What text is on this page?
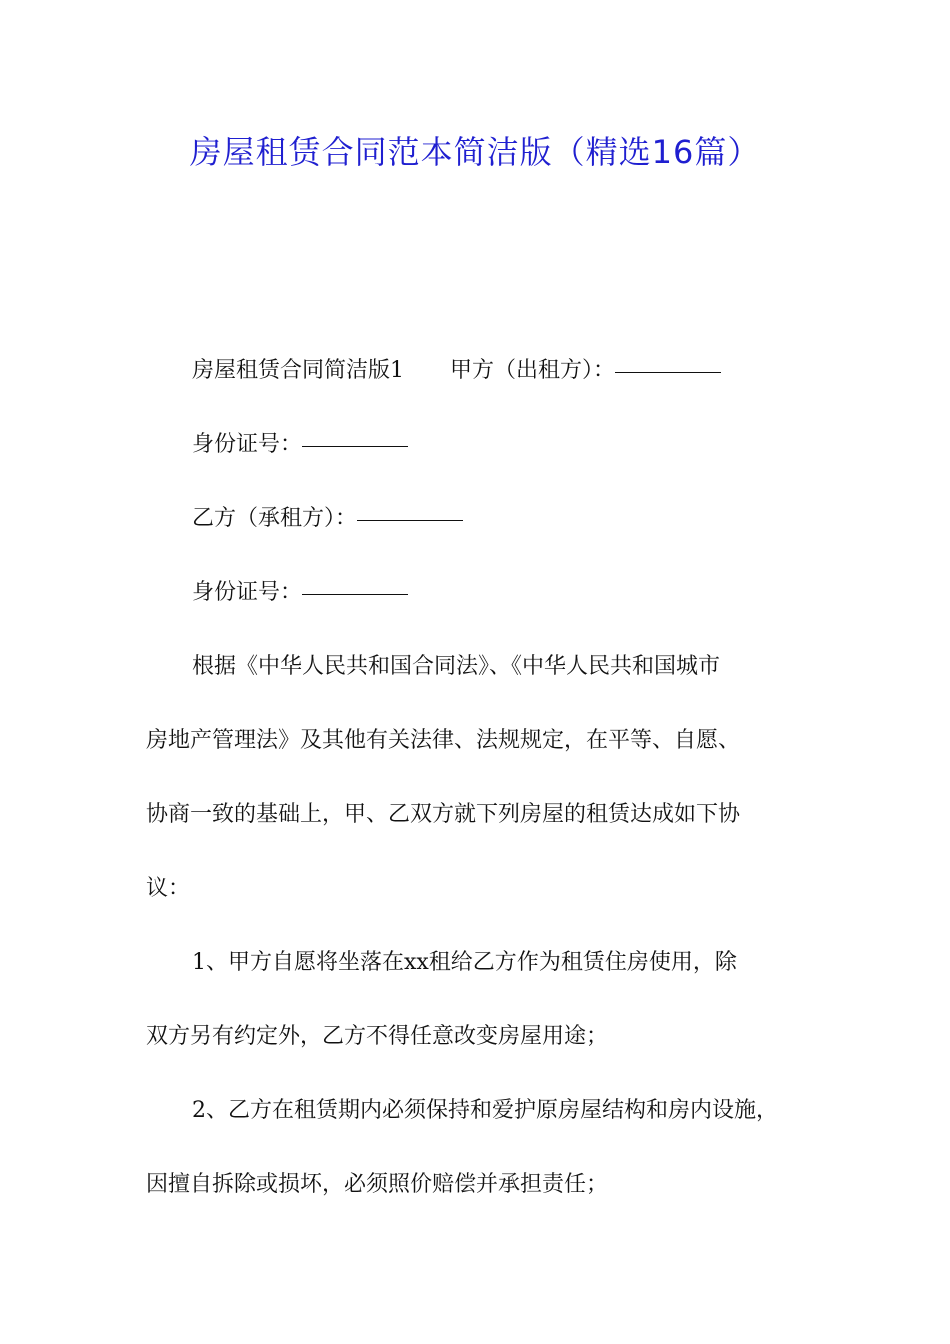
房屋租赁合同范本简洁版（精选16篇）
房屋租赁合同简洁版1 甲方（出租方）：
身份证号：
乙方（承租方）：
身份证号：
根据《中华人民共和国合同法》、《中华人民共和国城市
房地产管理法》及其他有关法律、法规规定，在平等、自愿、
协商一致的基础上，甲、乙双方就下列房屋的租赁达成如下协
议：
1、甲方自愿将坐落在xx租给乙方作为租赁住房使用，除
双方另有约定外，乙方不得任意改变房屋用途；
2、乙方在租赁期内必须保持和爱护原房屋结构和房内设施，
因擅自拆除或损坏，必须照价赔偿并承担责任；
